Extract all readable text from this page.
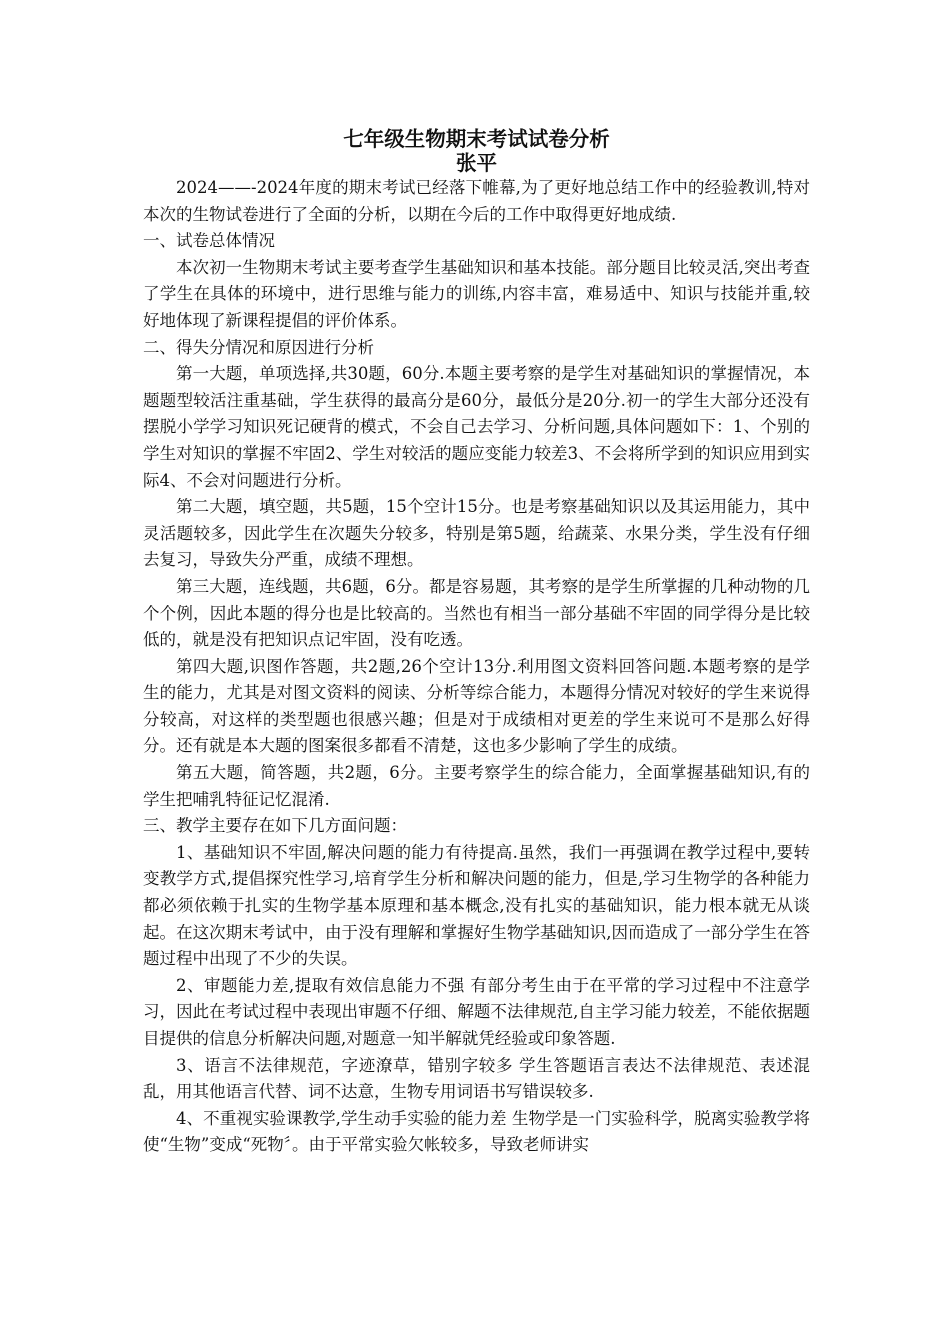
七年级生物期末考试试卷分析
张平

2024——-2024年度的期末考试已经落下帷幕,为了更好地总结工作中的经验教训,特对本次的生物试卷进行了全面的分析，以期在今后的工作中取得更好地成绩.

一、试卷总体情况

本次初一生物期末考试主要考查学生基础知识和基本技能。部分题目比较灵活,突出考查了学生在具体的环境中，进行思维与能力的训练,内容丰富，难易适中、知识与技能并重,较好地体现了新课程提倡的评价体系。

二、得失分情况和原因进行分析

第一大题，单项选择,共30题，60分.本题主要考察的是学生对基础知识的掌握情况，本题题型较活注重基础，学生获得的最高分是60分，最低分是20分.初一的学生大部分还没有摆脱小学学习知识死记硬背的模式，不会自己去学习、分析问题,具体问题如下：1、个别的学生对知识的掌握不牢固2、学生对较活的题应变能力较差3、不会将所学到的知识应用到实际4、不会对问题进行分析。

第二大题，填空题，共5题，15个空计15分。也是考察基础知识以及其运用能力，其中灵活题较多，因此学生在次题失分较多，特别是第5题，给蔬菜、水果分类，学生没有仔细去复习，导致失分严重，成绩不理想。

第三大题，连线题，共6题，6分。都是容易题，其考察的是学生所掌握的几种动物的几个个例，因此本题的得分也是比较高的。当然也有相当一部分基础不牢固的同学得分是比较低的，就是没有把知识点记牢固，没有吃透。

第四大题,识图作答题，共2题,26个空计13分.利用图文资料回答问题.本题考察的是学生的能力，尤其是对图文资料的阅读、分析等综合能力，本题得分情况对较好的学生来说得分较高，对这样的类型题也很感兴趣；但是对于成绩相对更差的学生来说可不是那么好得分。还有就是本大题的图案很多都看不清楚，这也多少影响了学生的成绩。

第五大题，简答题，共2题，6分。主要考察学生的综合能力，全面掌握基础知识,有的学生把哺乳特征记忆混淆.

三、教学主要存在如下几方面问题：

1、基础知识不牢固,解决问题的能力有待提高.虽然，我们一再强调在教学过程中,要转变教学方式,提倡探究性学习,培育学生分析和解决问题的能力，但是,学习生物学的各种能力都必须依赖于扎实的生物学基本原理和基本概念,没有扎实的基础知识，能力根本就无从谈起。在这次期末考试中，由于没有理解和掌握好生物学基础知识,因而造成了一部分学生在答题过程中出现了不少的失误。

2、审题能力差,提取有效信息能力不强 有部分考生由于在平常的学习过程中不注意学习，因此在考试过程中表现出审题不仔细、解题不法律规范,自主学习能力较差，不能依据题目提供的信息分析解决问题,对题意一知半解就凭经验或印象答题.

3、语言不法律规范，字迹潦草，错别字较多 学生答题语言表达不法律规范、表述混乱，用其他语言代替、词不达意，生物专用词语书写错误较多.

4、不重视实验课教学,学生动手实验的能力差 生物学是一门实验科学，脱离实验教学将使“生物”变成“死物〞。由于平常实验欠帐较多，导致老师讲实
